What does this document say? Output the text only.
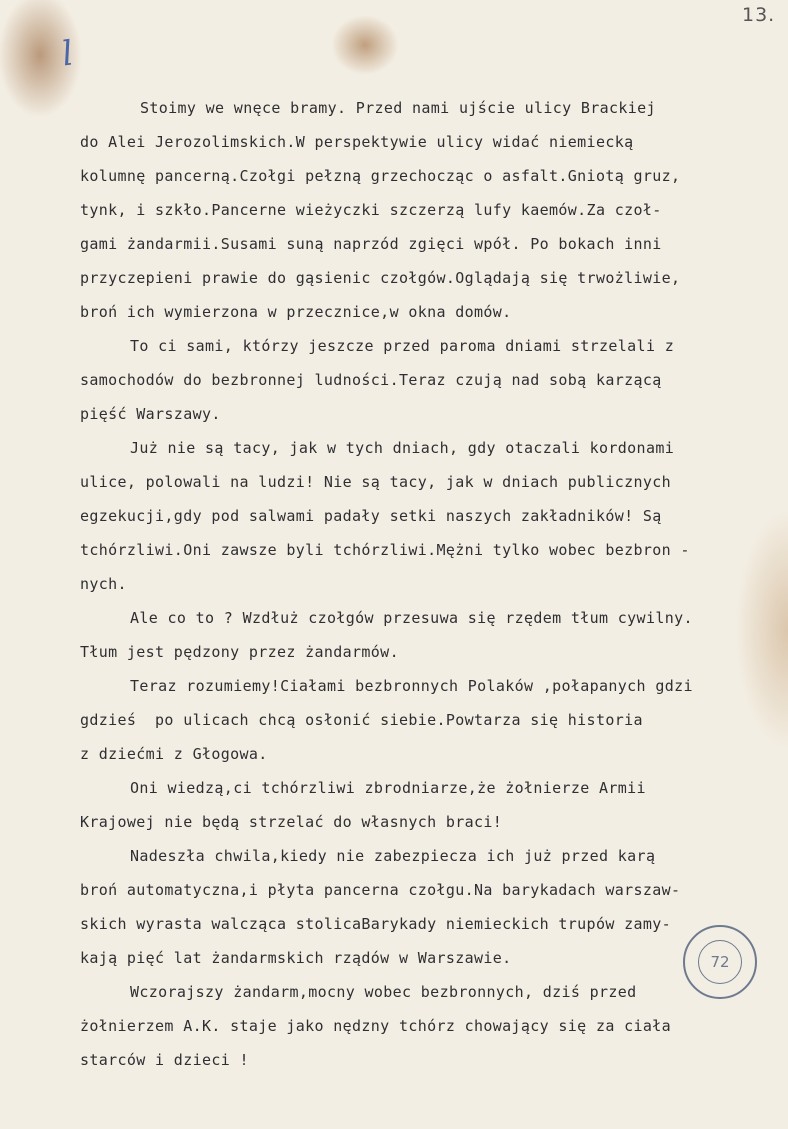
13.
l
Stoimy we wnęce bramy. Przed nami ujście ulicy Brackiej
do Alei Jerozolimskich.W perspektywie ulicy widać niemiecką
kolumnę pancerną.Czołgi pełzną grzechocząc o asfalt.Gniotą gruz,
tynk, i szkło.Pancerne wieżyczki szczerzą lufy kaemów.Za czoł-
gami żandarmii.Susami suną naprzód zgięci wpół. Po bokach inni
przyczepieni prawie do gąsienic czołgów.Oglądają się trwożliwie,
broń ich wymierzona w przecznice,w okna domów.
To ci sami, którzy jeszcze przed paroma dniami strzelali z
samochodów do bezbronnej ludności.Teraz czują nad sobą karzącą
pięść Warszawy.
Już nie są tacy, jak w tych dniach, gdy otaczali kordonami
ulice, polowali na ludzi! Nie są tacy, jak w dniach publicznych
egzekucji,gdy pod salwami padały setki naszych zakładników! Są
tchórzliwi.Oni zawsze byli tchórzliwi.Mężni tylko wobec bezbron -
nych.
Ale co to ? Wzdłuż czołgów przesuwa się rzędem tłum cywilny.
Tłum jest pędzony przez żandarmów.
Teraz rozumiemy!Ciałami bezbronnych Polaków ,połapanych gdzi
gdzieś  po ulicach chcą osłonić siebie.Powtarza się historia
z dziećmi z Głogowa.
Oni wiedzą,ci tchórzliwi zbrodniarze,że żołnierze Armii
Krajowej nie będą strzelać do własnych braci!
Nadeszła chwila,kiedy nie zabezpiecza ich już przed karą
broń automatyczna,i płyta pancerna czołgu.Na barykadach warszaw-
skich wyrasta walcząca stolicaBarykady niemieckich trupów zamy-
kają pięć lat żandarmskich rządów w Warszawie.
Wczorajszy żandarm,mocny wobec bezbronnych, dziś przed
żołnierzem A.K. staje jako nędzny tchórz chowający się za ciała
starców i dzieci !
72
